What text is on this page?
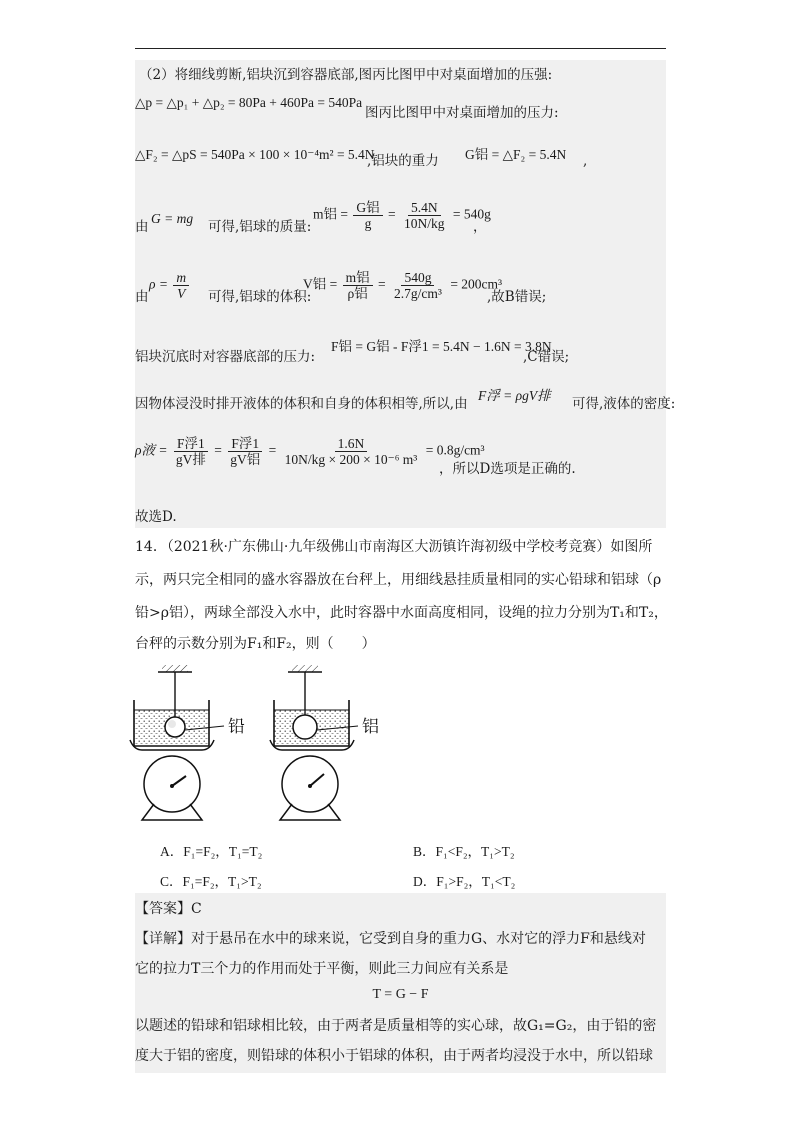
（2）将细线剪断,铝块沉到容器底部,图丙比图甲中对桌面增加的压强:
△p = △p₁ + △p₂ = 80Pa + 460Pa = 540Pa
图丙比图甲中对桌面增加的压力:
△F₂ = △pS = 540Pa × 100 × 10⁻⁴m² = 5.4N
,铝块的重力 G铝 = △F₂ = 5.4N ,
由
G = mg
可得,铝球的质量:
m铝 = $\frac{\text{G铝}}{g} = \frac{5.4N}{10N/kg} = 540g$
，
由
$\rho = \frac{m}{V}$ 可得,铝球的体积:
V铝 = $\frac{\text{m铝}}{\text{ρ铝}} = \frac{540g}{\text{2.7g/cm³}} = 200cm^3$
,故B错误;
铝块沉底时对容器底部的压力:
F铝 = G铝 - F浮1 = 5.4N − 1.6N = 3.8N
,C错误;
因物体浸没时排开液体的体积和自身的体积相等,所以,由
F浮 = ρgV排
可得,液体的密度:
ρ液 = $\frac{\text{F浮1}}{\text{gV排}} = \frac{\text{F浮1}}{\text{gV铝}} = \frac{1.6N}{\text{10N/kg × 200 × 10⁻⁶ m³}} = 0.8g/cm^3$
，所以D选项是正确的.
故选D.
14．（2021秋·广东佛山·九年级佛山市南海区大沥镇许海初级中学校考竞赛）如图所
示，两只完全相同的盛水容器放在台秤上，用细线悬挂质量相同的实心铅球和铝球（ρ
铅>ρ铝），两球全部没入水中，此时容器中水面高度相同，设绳的拉力分别为T₁和T₂，
台秤的示数分别为F₁和F₂，则（　　）
铅	铝
A．F₁=F₂，T₁=T₂	B．F₁<F₂，T₁>T₂
C．F₁=F₂，T₁>T₂	D．F₁>F₂，T₁<T₂
【答案】C
【详解】对于悬吊在水中的球来说，它受到自身的重力G、水对它的浮力F和悬线对
它的拉力T三个力的作用而处于平衡，则此三力间应有关系是
T = G − F
以题述的铅球和铝球相比较，由于两者是质量相等的实心球，故G₁=G₂，由于铅的密
度大于铝的密度，则铅球的体积小于铝球的体积，由于两者均浸没于水中，所以铅球
